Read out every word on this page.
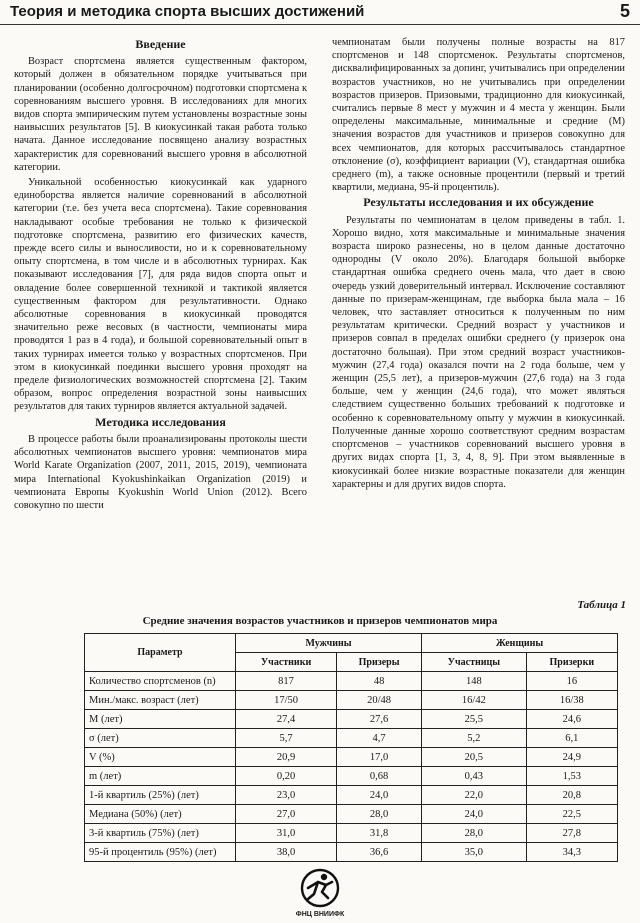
Теория и методика спорта высших достижений	5
Введение

Возраст спортсмена является существенным фактором, который должен в обязательном порядке учитываться при планировании (особенно долгосрочном) подготовки спортсмена к соревнованиям высшего уровня. В исследованиях для многих видов спорта эмпирическим путем установлены возрастные зоны наивысших результатов [5]. В киокусинкай такая работа только начата. Данное исследование посвящено анализу возрастных характеристик для соревнований высшего уровня в абсолютной категории.

Уникальной особенностью киокусинкай как ударного единоборства является наличие соревнований в абсолютной категории (т.е. без учета веса спортсмена). Такие соревнования накладывают особые требования не только к физической подготовке спортсмена, развитию его физических качеств, прежде всего силы и выносливости, но и к соревновательному опыту спортсмена, в том числе и в абсолютных турнирах. Как показывают исследования [7], для ряда видов спорта опыт и овладение более совершенной техникой и тактикой является существенным фактором для результативности. Однако абсолютные соревнования в киокусинкай проводятся значительно реже весовых (в частности, чемпионаты мира проводятся 1 раз в 4 года), и большой соревновательный опыт в таких турнирах имеется только у возрастных спортсменов. При этом в киокусинкай поединки высшего уровня проходят на пределе физиологических возможностей спортсмена [2]. Таким образом, вопрос определения возрастной зоны наивысших результатов для таких турниров является актуальной задачей.

Методика исследования

В процессе работы были проанализированы протоколы шести абсолютных чемпионатов высшего уровня: чемпионатов мира World Karate Organization (2007, 2011, 2015, 2019), чемпионата мира International Kyokushinkaikan Organization (2019) и чемпионата Европы Kyokushin World Union (2012). Всего совокупно по шести

чемпионатам были получены полные возрасты на 817 спортсменов и 148 спортсменок. Результаты спортсменов, дисквалифицированных за допинг, учитывались при определении возрастов участников, но не учитывались при определении возрастов призеров. Призовыми, традиционно для киокусинкай, считались первые 8 мест у мужчин и 4 места у женщин. Были определены максимальные, минимальные и средние (M) значения возрастов для участников и призеров совокупно для всех чемпионатов, для которых рассчитывалось стандартное отклонение (σ), коэффициент вариации (V), стандартная ошибка среднего (m), а также основные процентили (первый и третий квартили, медиана, 95-й процентиль).

Результаты исследования и их обсуждение

Результаты по чемпионатам в целом приведены в табл. 1. Хорошо видно, хотя максимальные и минимальные значения возраста широко разнесены, но в целом данные достаточно однородны (V около 20%). Благодаря большой выборке стандартная ошибка среднего очень мала, что дает в свою очередь узкий доверительный интервал. Исключение составляют данные по призерам-женщинам, где выборка была мала – 16 человек, что заставляет относиться к полученным по ним результатам критически. Средний возраст у участников и призеров совпал в пределах ошибки среднего (у призерок она достаточно большая). При этом средний возраст участников-мужчин (27,4 года) оказался почти на 2 года больше, чем у женщин (25,5 лет), а призеров-мужчин (27,6 года) на 3 года больше, чем у женщин (24,6 года), что может являться следствием существенно больших требований к подготовке и особенно к соревновательному опыту у мужчин в киокусинкай. Полученные данные хорошо соответствуют средним возрастам спортсменов – участников соревнований высшего уровня в других видах спорта [1, 3, 4, 8, 9]. При этом выявленные в киокусинкай более низкие возрастные показатели для женщин характерны и для других видов спорта.

Таблица 1
Средние значения возрастов участников и призеров чемпионатов мира
Параметр	Мужчины		Женщины	
	Участники	Призеры	Участницы	Призерки
Количество спортсменов (n)	817	48	148	16
Мин./макс. возраст (лет)	17/50	20/48	16/42	16/38
M (лет)	27,4	27,6	25,5	24,6
σ (лет)	5,7	4,7	5,2	6,1
V (%)	20,9	17,0	20,5	24,9
m (лет)	0,20	0,68	0,43	1,53
1-й квартиль (25%) (лет)	23,0	24,0	22,0	20,8
Медиана (50%) (лет)	27,0	28,0	24,0	22,5
3-й квартиль (75%) (лет)	31,0	31,8	28,0	27,8
95-й процентиль (95%) (лет)	38,0	36,6	35,0	34,3
ФНЦ ВНИИФК
